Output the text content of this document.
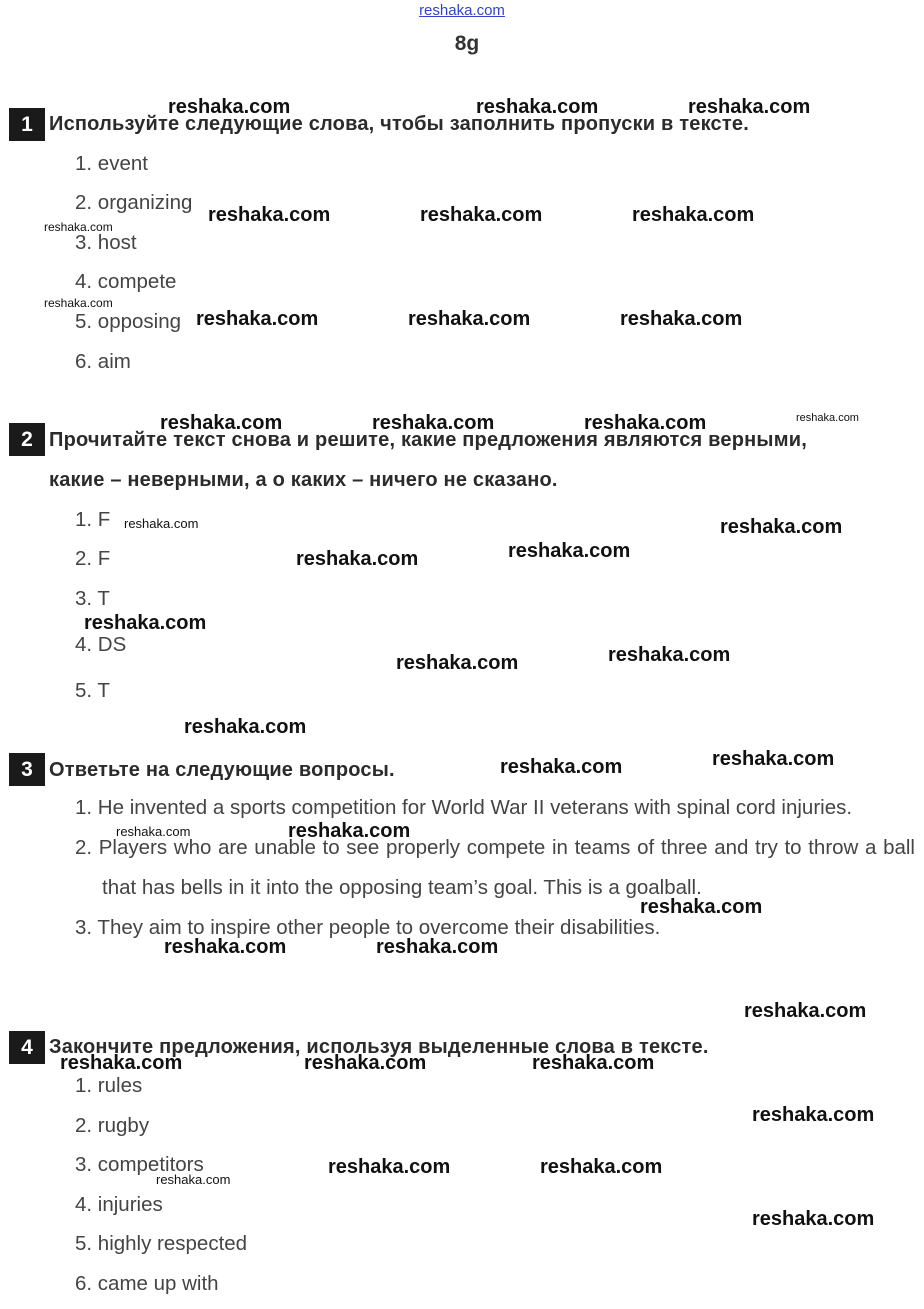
reshaka.com
8g
1 Используйте следующие слова, чтобы заполнить пропуски в тексте.
1. event
2. organizing
3. host
4. compete
5. opposing
6. aim
2 Прочитайте текст снова и решите, какие предложения являются верными,
какие – неверными, а о каких – ничего не сказано.
1. F
2. F
3. T
4. DS
5. T
3 Ответьте на следующие вопросы.
1. He invented a sports competition for World War II veterans with spinal cord injuries.
2. Players who are unable to see properly compete in teams of three and try to throw a ball that has bells in it into the opposing team’s goal. This is a goalball.
3. They aim to inspire other people to overcome their disabilities.
4 Закончите предложения, используя выделенные слова в тексте.
1. rules
2. rugby
3. competitors
4. injuries
5. highly respected
6. came up with
reshaka.com	reshaka.com	reshaka.com
reshaka.com	reshaka.com	reshaka.com
reshaka.com	reshaka.com	reshaka.com
reshaka.com	reshaka.com	reshaka.com
reshaka.com
reshaka.com
reshaka.com
reshaka.com
reshaka.com
reshaka.com
reshaka.com
reshaka.com
reshaka.com
reshaka.com
reshaka.com
reshaka.com	reshaka.com
reshaka.com
reshaka.com	reshaka.com	reshaka.com
reshaka.com
reshaka.com	reshaka.com
reshaka.com
reshaka.com
reshaka.com
reshaka.com
reshaka.com
reshaka.com
reshaka.com
